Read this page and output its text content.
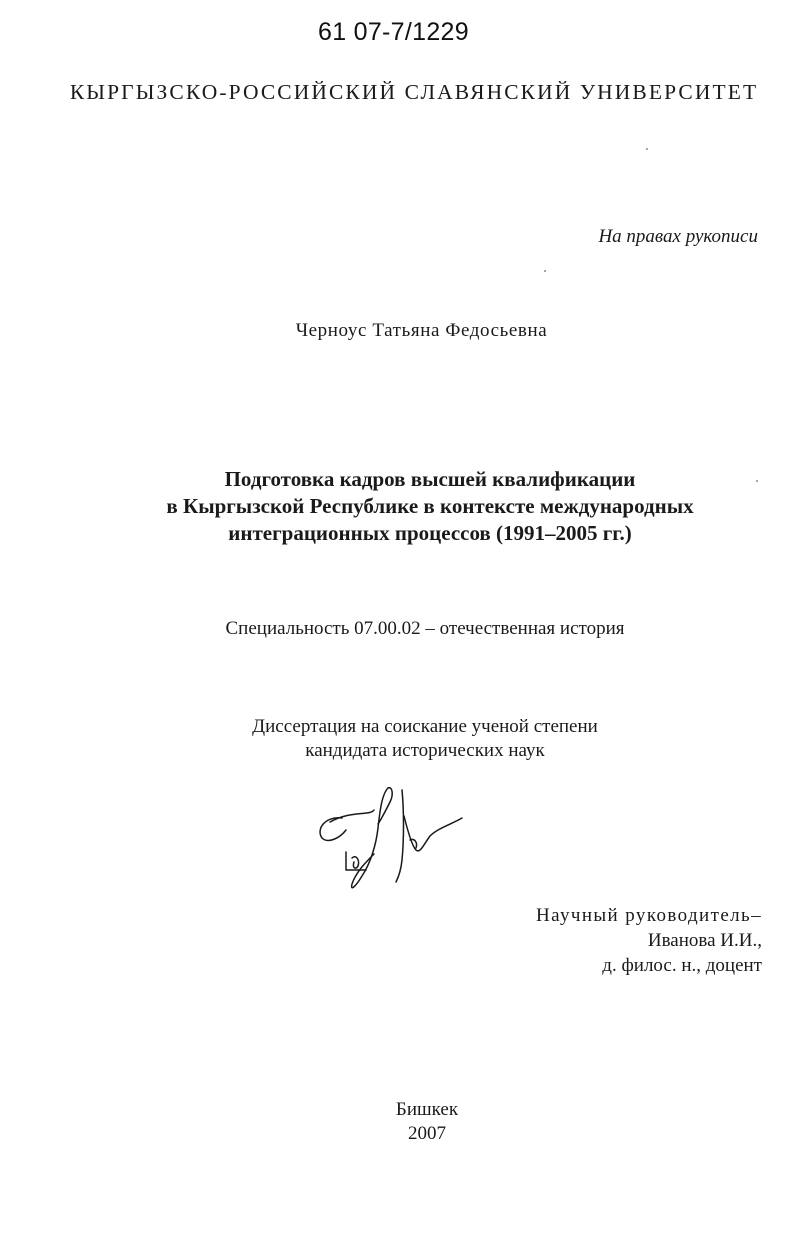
61 07-7/1229
КЫРГЫЗСКО-РОССИЙСКИЙ СЛАВЯНСКИЙ УНИВЕРСИТЕТ
На правах рукописи
Черноус Татьяна Федосьевна
Подготовка кадров высшей квалификации
в Кыргызской Республике в контексте международных
интеграционных процессов (1991–2005 гг.)
Специальность 07.00.02 – отечественная история
Диссертация на соискание ученой степени
кандидата исторических наук
Научный руководитель–
Иванова И.И.,
д. филос. н., доцент
Бишкек
2007
